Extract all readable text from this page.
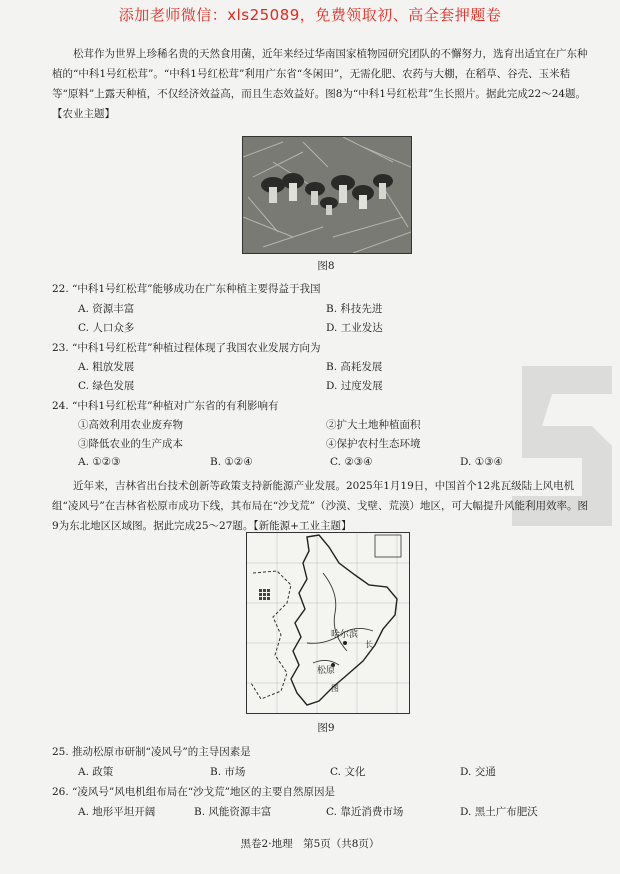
添加老师微信：xls25089，免费领取初、高全套押题卷

松茸作为世界上珍稀名贵的天然食用菌，近年来经过华南国家植物园研究团队的不懈努力，选育出适宜在广东种植的“中科1号红松茸”。“中科1号红松茸”利用广东省“冬闲田”，无需化肥、农药与大棚，在稻草、谷壳、玉米秸等“原料”上露天种植，不仅经济效益高，而且生态效益好。图8为“中科1号红松茸”生长照片。据此完成22～24题。【农业主题】

图8
22. “中科1号红松茸”能够成功在广东种植主要得益于我国
A. 资源丰富	B. 科技先进
C. 人口众多	D. 工业发达
23. “中科1号红松茸”种植过程体现了我国农业发展方向为
A. 粗放发展	B. 高耗发展
C. 绿色发展	D. 过度发展
24. “中科1号红松茸”种植对广东省的有利影响有
①高效利用农业废弃物	②扩大土地种植面积
③降低农业的生产成本	④保护农村生态环境
A. ①②③	B. ①②④	C. ②③④	D. ①③④

近年来，吉林省出台技术创新等政策支持新能源产业发展。2025年1月19日，中国首个12兆瓦级陆上风电机组“凌风号”在吉林省松原市成功下线，其布局在“沙戈荒”（沙漠、戈壁、荒漠）地区，可大幅提升风能利用效率。图9为东北地区区域图。据此完成25～27题。【新能源+工业主题】

哈尔滨
长
松原
图
图9
25. 推动松原市研制“凌风号”的主导因素是
A. 政策	B. 市场	C. 文化	D. 交通
26. “凌风号”风电机组布局在“沙戈荒”地区的主要自然原因是
A. 地形平坦开阔	B. 风能资源丰富	C. 靠近消费市场	D. 黑土广布肥沃
黑卷2·地理　第5页（共8页）
